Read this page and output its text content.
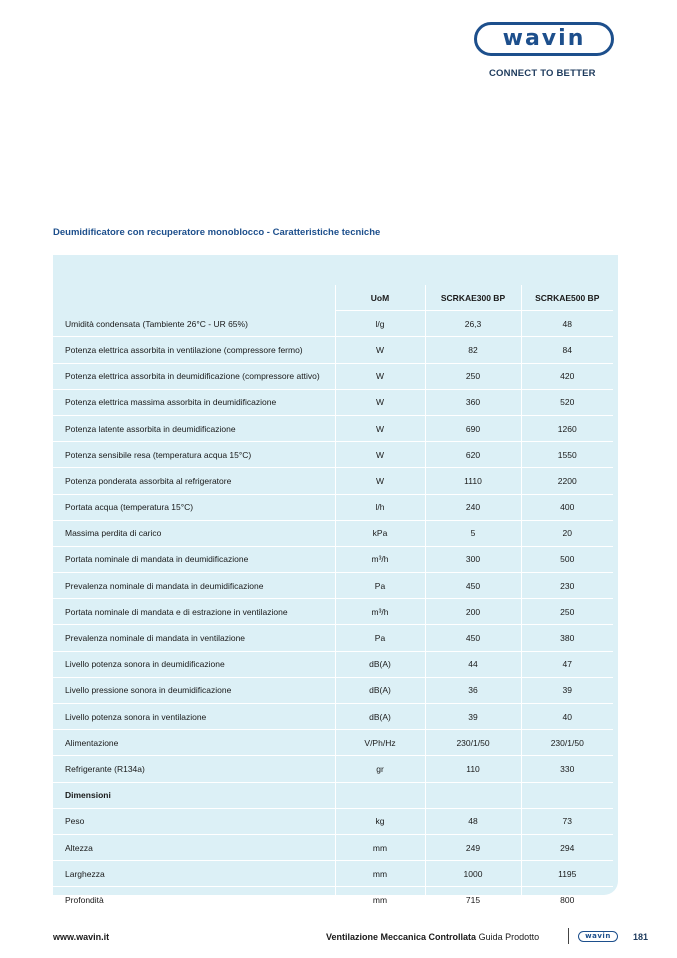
wavin
CONNECT TO BETTER
Deumidificatore con recuperatore monoblocco - Caratteristiche tecniche
	UoM	SCRKAE300 BP	SCRKAE500 BP
Umidità condensata (Tambiente 26°C - UR 65%)	l/g	26,3	48
Potenza elettrica assorbita in ventilazione (compressore fermo)	W	82	84
Potenza elettrica assorbita in deumidificazione (compressore attivo)	W	250	420
Potenza elettrica massima assorbita in deumidificazione	W	360	520
Potenza latente assorbita in deumidificazione	W	690	1260
Potenza sensibile resa (temperatura acqua 15°C)	W	620	1550
Potenza ponderata assorbita al refrigeratore	W	1110	2200
Portata acqua (temperatura 15°C)	l/h	240	400
Massima perdita di carico	kPa	5	20
Portata nominale di mandata in deumidificazione	m³/h	300	500
Prevalenza nominale di mandata in deumidificazione	Pa	450	230
Portata nominale di mandata e di estrazione in ventilazione	m³/h	200	250
Prevalenza nominale di mandata in ventilazione	Pa	450	380
Livello potenza sonora in deumidificazione	dB(A)	44	47
Livello pressione sonora in deumidificazione	dB(A)	36	39
Livello potenza sonora in ventilazione	dB(A)	39	40
Alimentazione	V/Ph/Hz	230/1/50	230/1/50
Refrigerante (R134a)	gr	110	330
Dimensioni			
Peso	kg	48	73
Altezza	mm	249	294
Larghezza	mm	1000	1195
Profondità	mm	715	800
www.wavin.it	Ventilazione Meccanica Controllata Guida Prodotto	wavin 181
